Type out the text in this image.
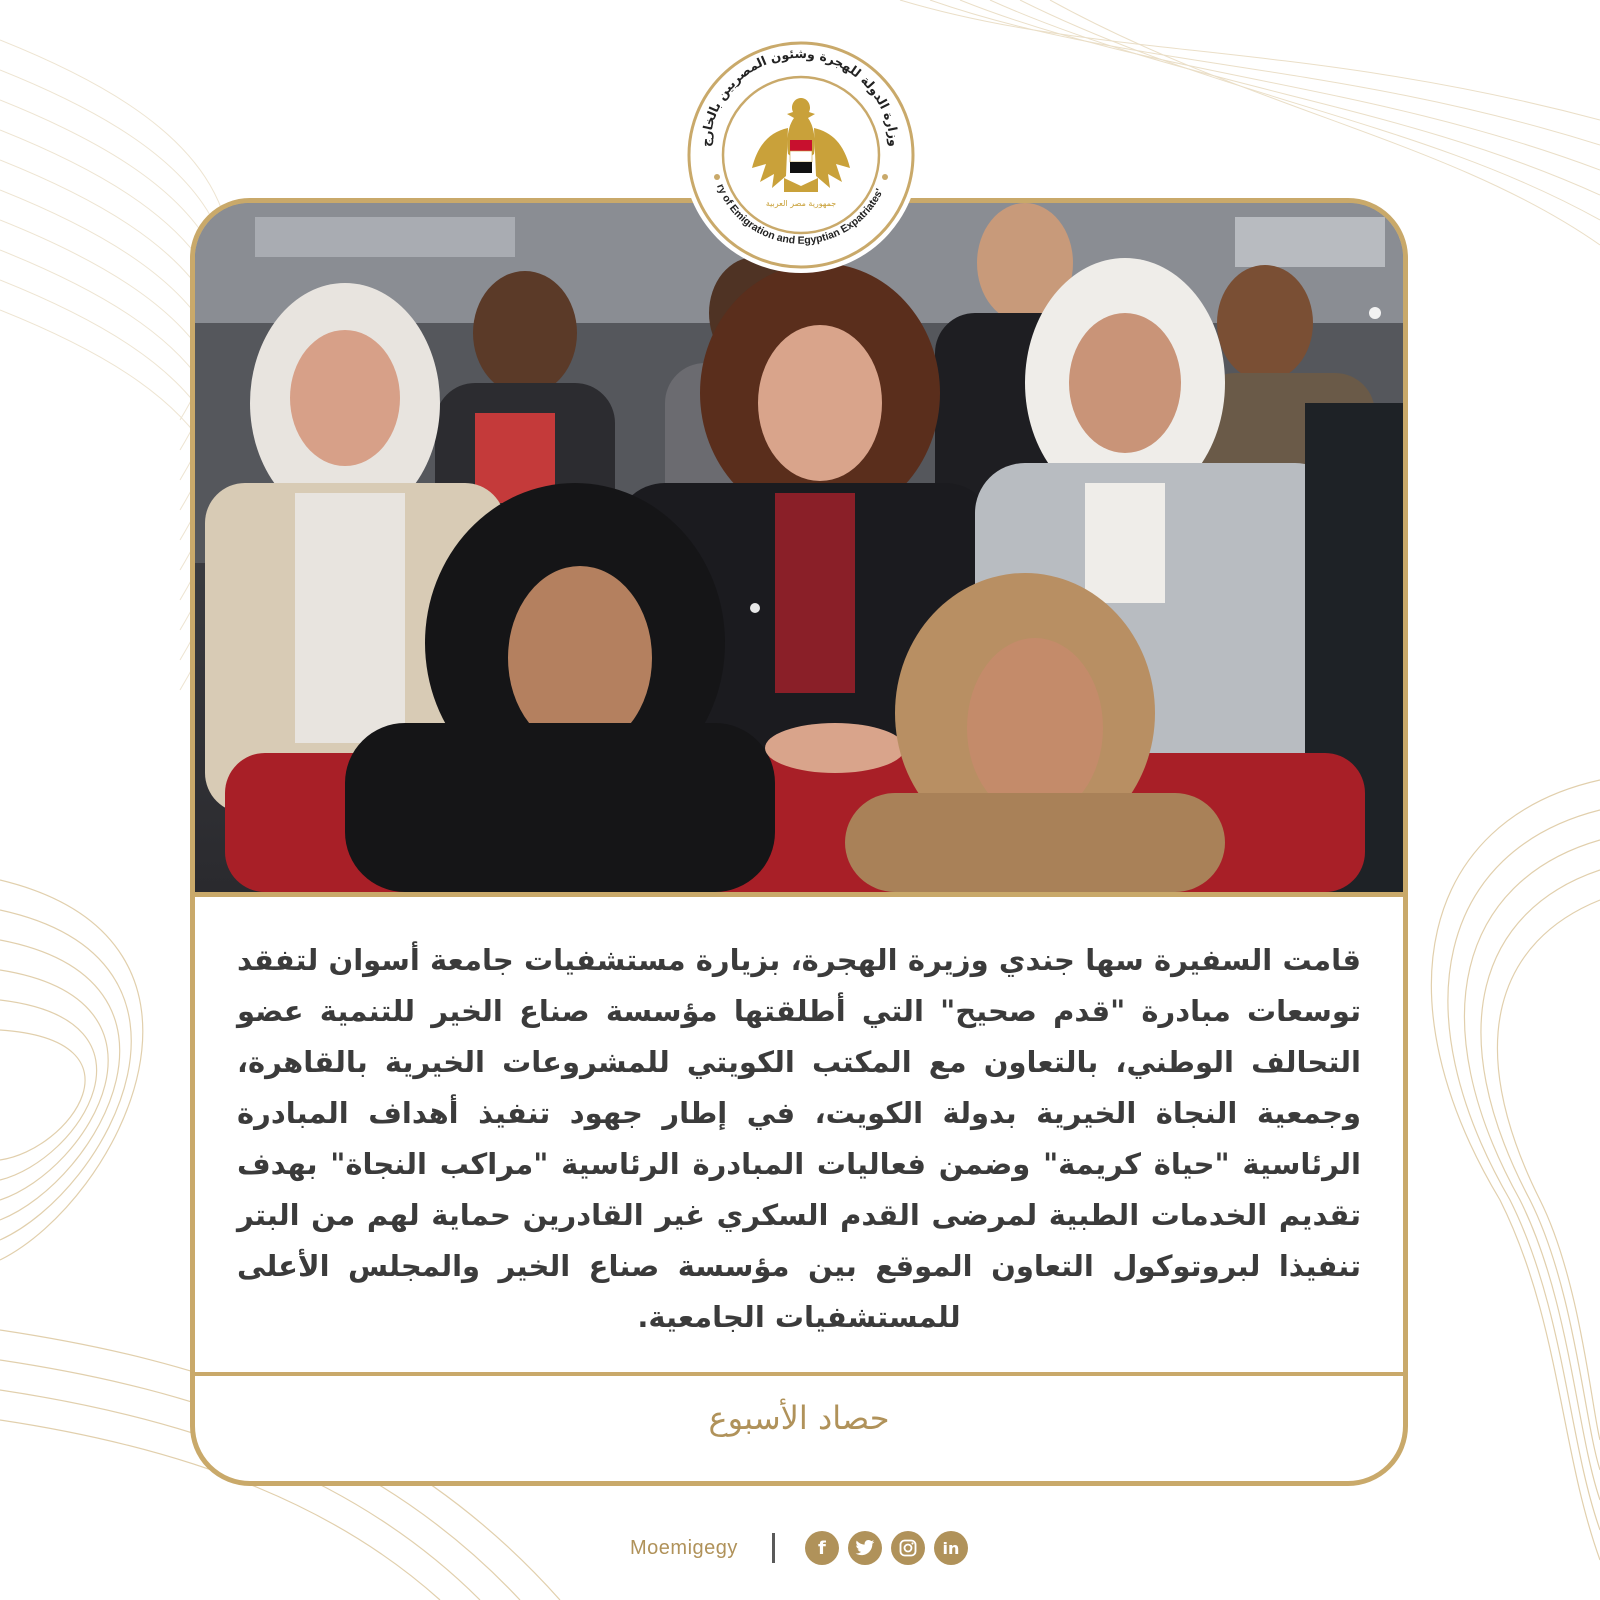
قامت السفيرة سها جندي وزيرة الهجرة، بزيارة مستشفيات جامعة أسوان لتفقد توسعات مبادرة "قدم صحيح" التي أطلقتها مؤسسة صناع الخير للتنمية عضو التحالف الوطني، بالتعاون مع المكتب الكويتي للمشروعات الخيرية بالقاهرة، وجمعية النجاة الخيرية بدولة الكويت، في إطار جهود تنفيذ أهداف المبادرة الرئاسية "حياة كريمة" وضمن فعاليات المبادرة الرئاسية "مراكب النجاة" بهدف تقديم الخدمات الطبية لمرضى القدم السكري غير القادرين حماية لهم من البتر تنفيذا لبروتوكول التعاون الموقع بين مؤسسة صناع الخير والمجلس الأعلى للمستشفيات الجامعية.
حصاد الأسبوع
وزارة الدولة للهجرة وشئون المصريين بالخارج
ry of Emigration and Egyptian Expatriates'
جمهورية مصر العربية
Moemigegy	f	in
